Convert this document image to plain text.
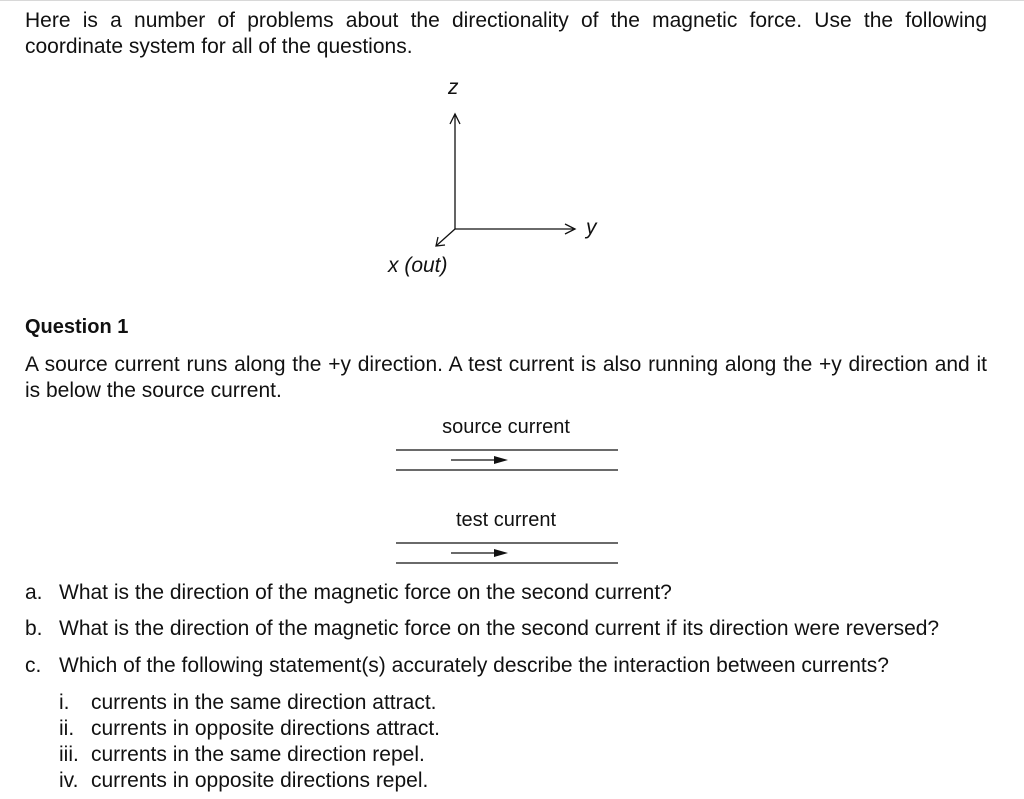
Here is a number of problems about the directionality of the magnetic force. Use the following coordinate system for all of the questions.

z
y
x (out)
Question 1

A source current runs along the +y direction. A test current is also running along the +y direction and it is below the source current.

source current
test current

a. What is the direction of the magnetic force on the second current?

b. What is the direction of the magnetic force on the second current if its direction were reversed?

c. Which of the following statement(s) accurately describe the interaction between currents?

i.	currents in the same direction attract.
ii. currents in opposite directions attract.
iii. currents in the same direction repel.
iv. currents in opposite directions repel.
